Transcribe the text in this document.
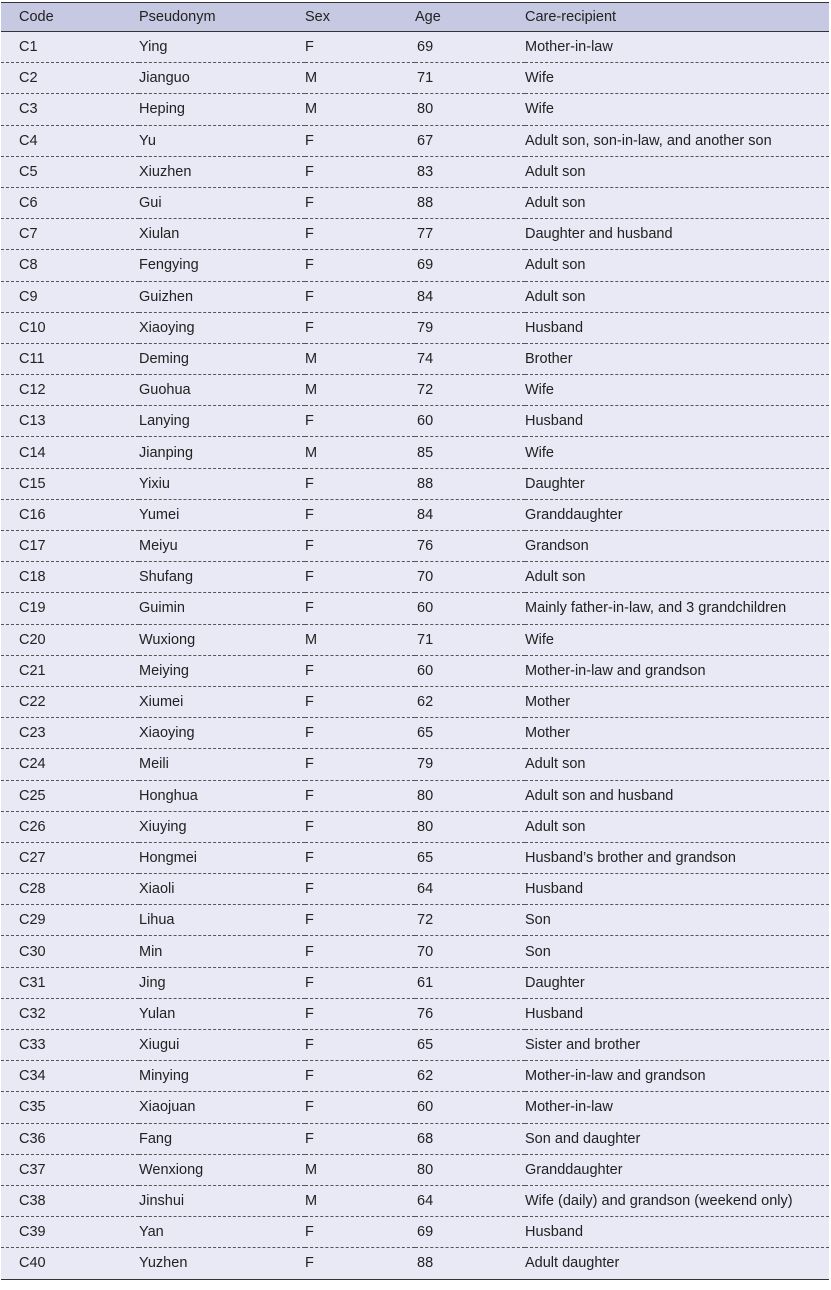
Code	Pseudonym	Sex	Age	Care-recipient
C1	Ying	F	69	Mother-in-law
C2	Jianguo	M	71	Wife
C3	Heping	M	80	Wife
C4	Yu	F	67	Adult son, son-in-law, and another son
C5	Xiuzhen	F	83	Adult son
C6	Gui	F	88	Adult son
C7	Xiulan	F	77	Daughter and husband
C8	Fengying	F	69	Adult son
C9	Guizhen	F	84	Adult son
C10	Xiaoying	F	79	Husband
C11	Deming	M	74	Brother
C12	Guohua	M	72	Wife
C13	Lanying	F	60	Husband
C14	Jianping	M	85	Wife
C15	Yixiu	F	88	Daughter
C16	Yumei	F	84	Granddaughter
C17	Meiyu	F	76	Grandson
C18	Shufang	F	70	Adult son
C19	Guimin	F	60	Mainly father-in-law, and 3 grandchildren
C20	Wuxiong	M	71	Wife
C21	Meiying	F	60	Mother-in-law and grandson
C22	Xiumei	F	62	Mother
C23	Xiaoying	F	65	Mother
C24	Meili	F	79	Adult son
C25	Honghua	F	80	Adult son and husband
C26	Xiuying	F	80	Adult son
C27	Hongmei	F	65	Husband’s brother and grandson
C28	Xiaoli	F	64	Husband
C29	Lihua	F	72	Son
C30	Min	F	70	Son
C31	Jing	F	61	Daughter
C32	Yulan	F	76	Husband
C33	Xiugui	F	65	Sister and brother
C34	Minying	F	62	Mother-in-law and grandson
C35	Xiaojuan	F	60	Mother-in-law
C36	Fang	F	68	Son and daughter
C37	Wenxiong	M	80	Granddaughter
C38	Jinshui	M	64	Wife (daily) and grandson (weekend only)
C39	Yan	F	69	Husband
C40	Yuzhen	F	88	Adult daughter
